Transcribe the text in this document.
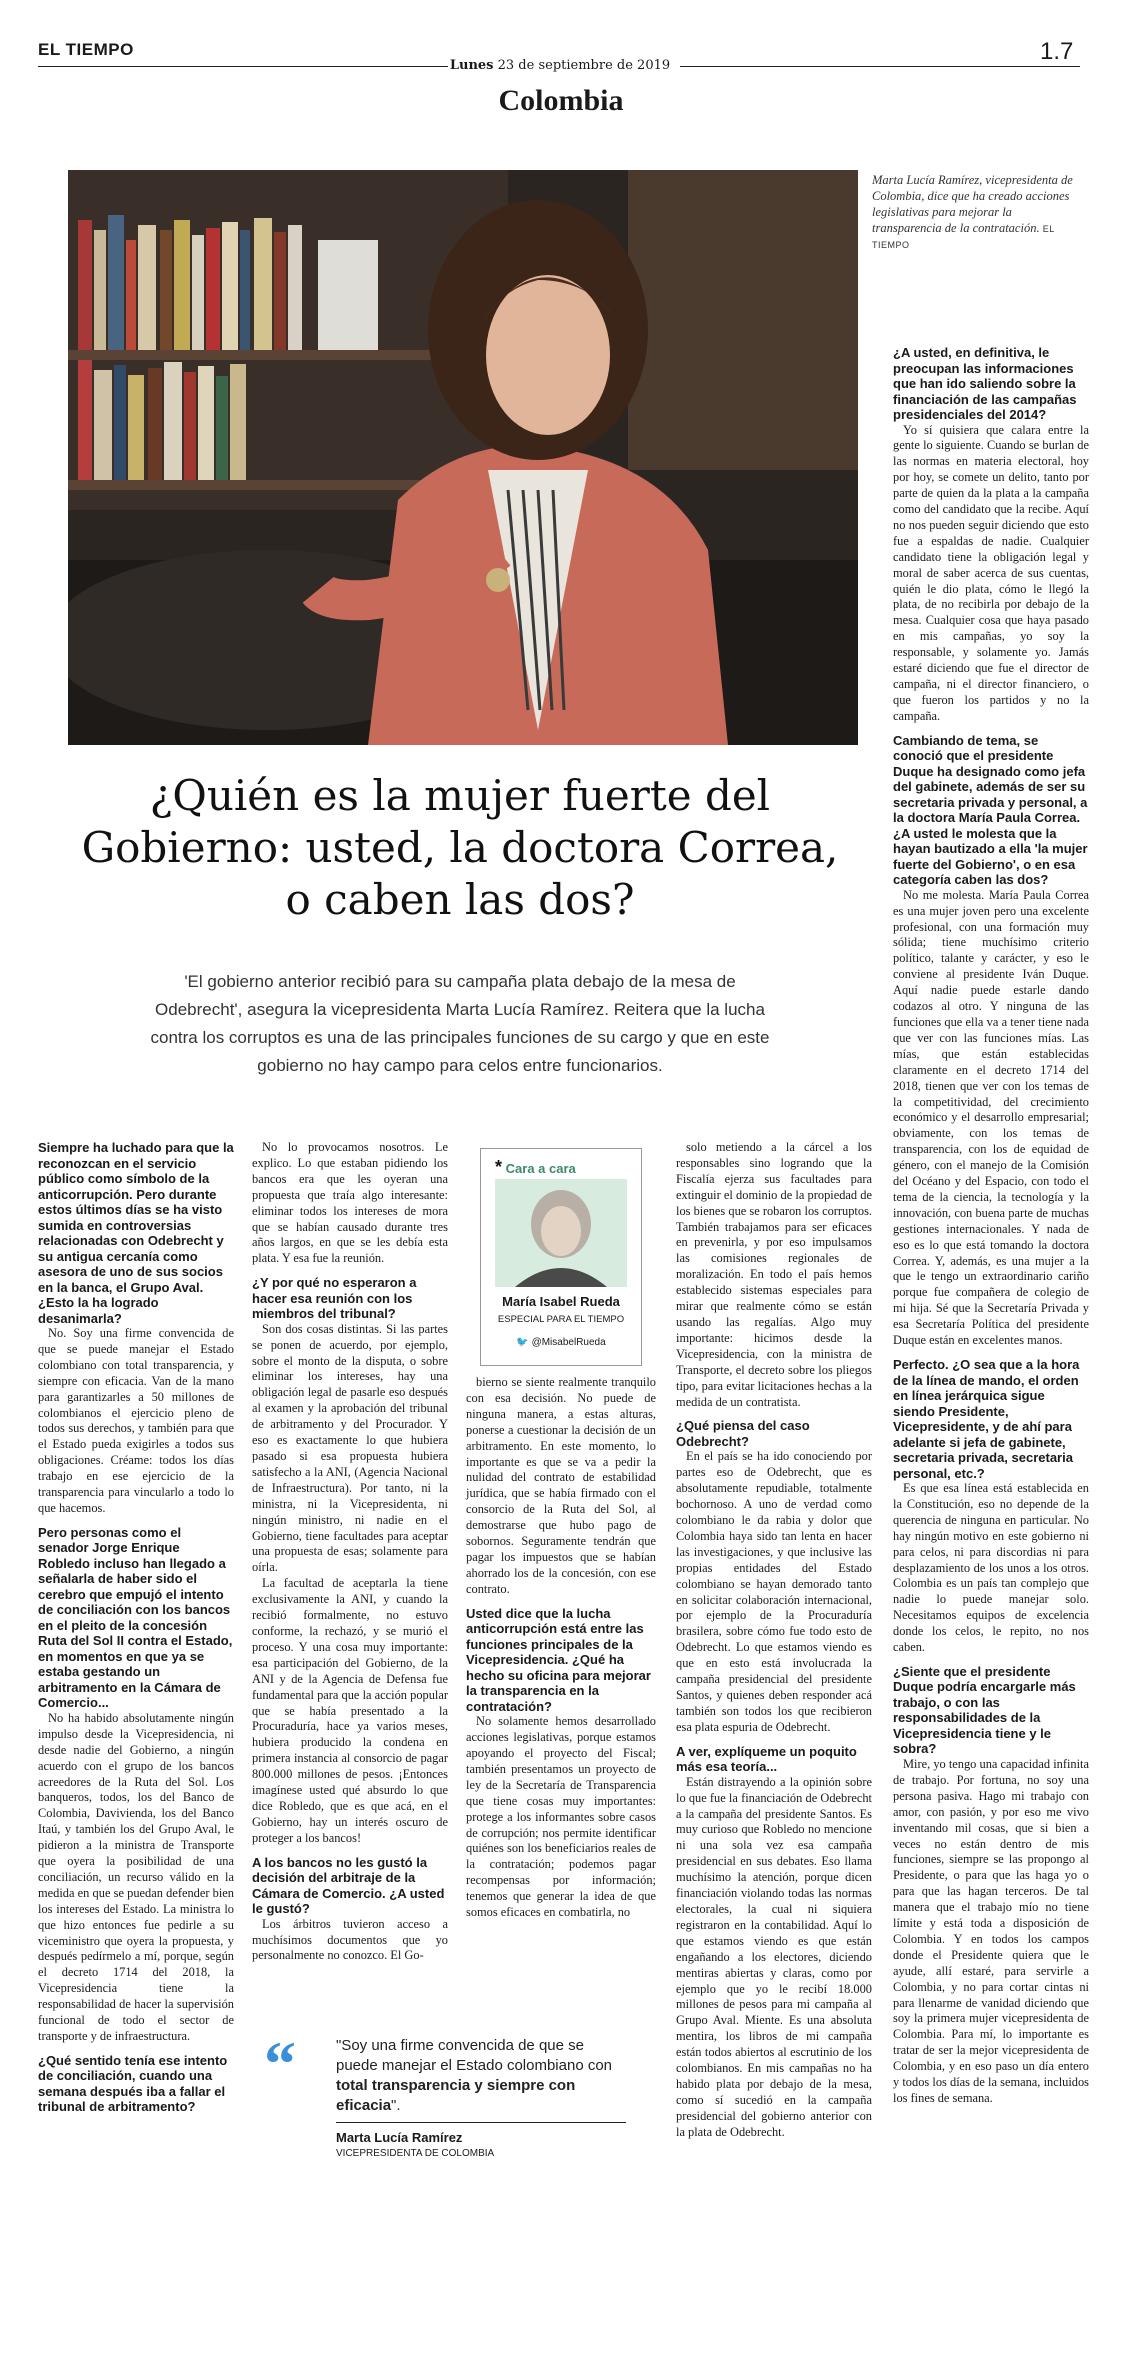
EL TIEMPO
Lunes 23 de septiembre de 2019
1.7
Colombia
Marta Lucía Ramírez, vicepresidenta de Colombia, dice que ha creado acciones legislativas para mejorar la transparencia de la contratación. EL TIEMPO
¿Quién es la mujer fuerte del Gobierno: usted, la doctora Correa, o caben las dos?
'El gobierno anterior recibió para su campaña plata debajo de la mesa de Odebrecht', asegura la vicepresidenta Marta Lucía Ramírez. Reitera que la lucha contra los corruptos es una de las principales funciones de su cargo y que en este gobierno no hay campo para celos entre funcionarios.

Siempre ha luchado para que la reconozcan en el servicio público como símbolo de la anticorrupción. Pero durante estos últimos días se ha visto sumida en controversias relacionadas con Odebrecht y su antigua cercanía como asesora de uno de sus socios en la banca, el Grupo Aval. ¿Esto la ha logrado desanimarla?

No. Soy una firme convencida de que se puede manejar el Estado colombiano con total transparencia, y siempre con eficacia. Van de la mano para garantizarles a 50 millones de colombianos el ejercicio pleno de todos sus derechos, y también para que el Estado pueda exigirles a todos sus obligaciones. Créame: todos los días trabajo en ese ejercicio de la transparencia para vincularlo a todo lo que hacemos.

Pero personas como el senador Jorge Enrique Robledo incluso han llegado a señalarla de haber sido el cerebro que empujó el intento de conciliación con los bancos en el pleito de la concesión Ruta del Sol II contra el Estado, en momentos en que ya se estaba gestando un arbitramento en la Cámara de Comercio...

No ha habido absolutamente ningún impulso desde la Vicepresidencia, ni desde nadie del Gobierno, a ningún acuerdo con el grupo de los bancos acreedores de la Ruta del Sol. Los banqueros, todos, los del Banco de Colombia, Davivienda, los del Banco Itaú, y también los del Grupo Aval, le pidieron a la ministra de Transporte que oyera la posibilidad de una conciliación, un recurso válido en la medida en que se puedan defender bien los intereses del Estado. La ministra lo que hizo entonces fue pedirle a su viceministro que oyera la propuesta, y después pedírmelo a mí, porque, según el decreto 1714 del 2018, la Vicepresidencia tiene la responsabilidad de hacer la supervisión funcional de todo el sector de transporte y de infraestructura.

¿Qué sentido tenía ese intento de conciliación, cuando una semana después iba a fallar el tribunal de arbitramento?

No lo provocamos nosotros. Le explico. Lo que estaban pidiendo los bancos era que les oyeran una propuesta que traía algo interesante: eliminar todos los intereses de mora que se habían causado durante tres años largos, en que se les debía esta plata. Y esa fue la reunión.

¿Y por qué no esperaron a hacer esa reunión con los miembros del tribunal?

Son dos cosas distintas. Si las partes se ponen de acuerdo, por ejemplo, sobre el monto de la disputa, o sobre eliminar los intereses, hay una obligación legal de pasarle eso después al examen y la aprobación del tribunal de arbitramento y del Procurador. Y eso es exactamente lo que hubiera pasado si esa propuesta hubiera satisfecho a la ANI, (Agencia Nacional de Infraestructura). Por tanto, ni la ministra, ni la Vicepresidenta, ni ningún ministro, ni nadie en el Gobierno, tiene facultades para aceptar una propuesta de esas; solamente para oírla.

La facultad de aceptarla la tiene exclusivamente la ANI, y cuando la recibió formalmente, no estuvo conforme, la rechazó, y se murió el proceso. Y una cosa muy importante: esa participación del Gobierno, de la ANI y de la Agencia de Defensa fue fundamental para que la acción popular que se había presentado a la Procuraduría, hace ya varios meses, hubiera producido la condena en primera instancia al consorcio de pagar 800.000 millones de pesos. ¡Entonces imagínese usted qué absurdo lo que dice Robledo, que es que acá, en el Gobierno, hay un interés oscuro de proteger a los bancos!

A los bancos no les gustó la decisión del arbitraje de la Cámara de Comercio. ¿A usted le gustó?

Los árbitros tuvieron acceso a muchísimos documentos que yo personalmente no conozco. El Go-

bierno se siente realmente tranquilo con esa decisión. No puede de ninguna manera, a estas alturas, ponerse a cuestionar la decisión de un arbitramento. En este momento, lo importante es que se va a pedir la nulidad del contrato de estabilidad jurídica, que se había firmado con el consorcio de la Ruta del Sol, al demostrarse que hubo pago de sobornos. Seguramente tendrán que pagar los impuestos que se habían ahorrado los de la concesión, con ese contrato.

Usted dice que la lucha anticorrupción está entre las funciones principales de la Vicepresidencia. ¿Qué ha hecho su oficina para mejorar la transparencia en la contratación?

No solamente hemos desarrollado acciones legislativas, porque estamos apoyando el proyecto del Fiscal; también presentamos un proyecto de ley de la Secretaría de Transparencia que tiene cosas muy importantes: protege a los informantes sobre casos de corrupción; nos permite identificar quiénes son los beneficiarios reales de la contratación; podemos pagar recompensas por información; tenemos que generar la idea de que somos eficaces en combatirla, no

solo metiendo a la cárcel a los responsables sino logrando que la Fiscalía ejerza sus facultades para extinguir el dominio de la propiedad de los bienes que se robaron los corruptos. También trabajamos para ser eficaces en prevenirla, y por eso impulsamos las comisiones regionales de moralización. En todo el país hemos establecido sistemas especiales para mirar que realmente cómo se están usando las regalías. Algo muy importante: hicimos desde la Vicepresidencia, con la ministra de Transporte, el decreto sobre los pliegos tipo, para evitar licitaciones hechas a la medida de un contratista.

¿Qué piensa del caso Odebrecht?

En el país se ha ido conociendo por partes eso de Odebrecht, que es absolutamente repudiable, totalmente bochornoso. A uno de verdad como colombiano le da rabia y dolor que Colombia haya sido tan lenta en hacer las investigaciones, y que inclusive las propias entidades del Estado colombiano se hayan demorado tanto en solicitar colaboración internacional, por ejemplo de la Procuraduría brasilera, sobre cómo fue todo esto de Odebrecht. Lo que estamos viendo es que en esto está involucrada la campaña presidencial del presidente Santos, y quienes deben responder acá también son todos los que recibieron esa plata espuria de Odebrecht.

A ver, explíqueme un poquito más esa teoría...

Están distrayendo a la opinión sobre lo que fue la financiación de Odebrecht a la campaña del presidente Santos. Es muy curioso que Robledo no mencione ni una sola vez esa campaña presidencial en sus debates. Eso llama muchísimo la atención, porque dicen financiación violando todas las normas electorales, la cual ni siquiera registraron en la contabilidad. Aquí lo que estamos viendo es que están engañando a los electores, diciendo mentiras abiertas y claras, como por ejemplo que yo le recibí 18.000 millones de pesos para mi campaña al Grupo Aval. Miente. Es una absoluta mentira, los libros de mi campaña están todos abiertos al escrutinio de los colombianos. En mis campañas no ha habido plata por debajo de la mesa, como sí sucedió en la campaña presidencial del gobierno anterior con la plata de Odebrecht.

¿A usted, en definitiva, le preocupan las informaciones que han ido saliendo sobre la financiación de las campañas presidenciales del 2014?

Yo sí quisiera que calara entre la gente lo siguiente. Cuando se burlan de las normas en materia electoral, hoy por hoy, se comete un delito, tanto por parte de quien da la plata a la campaña como del candidato que la recibe. Aquí no nos pueden seguir diciendo que esto fue a espaldas de nadie. Cualquier candidato tiene la obligación legal y moral de saber acerca de sus cuentas, quién le dio plata, cómo le llegó la plata, de no recibirla por debajo de la mesa. Cualquier cosa que haya pasado en mis campañas, yo soy la responsable, y solamente yo. Jamás estaré diciendo que fue el director de campaña, ni el director financiero, o que fueron los partidos y no la campaña.

Cambiando de tema, se conoció que el presidente Duque ha designado como jefa del gabinete, además de ser su secretaria privada y personal, a la doctora María Paula Correa. ¿A usted le molesta que la hayan bautizado a ella 'la mujer fuerte del Gobierno', o en esa categoría caben las dos?

No me molesta. María Paula Correa es una mujer joven pero una excelente profesional, con una formación muy sólida; tiene muchísimo criterio político, talante y carácter, y eso le conviene al presidente Iván Duque. Aquí nadie puede estarle dando codazos al otro. Y ninguna de las funciones que ella va a tener tiene nada que ver con las funciones mías. Las mías, que están establecidas claramente en el decreto 1714 del 2018, tienen que ver con los temas de la competitividad, del crecimiento económico y el desarrollo empresarial; obviamente, con los temas de transparencia, con los de equidad de género, con el manejo de la Comisión del Océano y del Espacio, con todo el tema de la ciencia, la tecnología y la innovación, con buena parte de muchas gestiones internacionales. Y nada de eso es lo que está tomando la doctora Correa. Y, además, es una mujer a la que le tengo un extraordinario cariño porque fue compañera de colegio de mi hija. Sé que la Secretaría Privada y esa Secretaría Política del presidente Duque están en excelentes manos.

Perfecto. ¿O sea que a la hora de la línea de mando, el orden en línea jerárquica sigue siendo Presidente, Vicepresidente, y de ahí para adelante si jefa de gabinete, secretaria privada, secretaria personal, etc.?

Es que esa línea está establecida en la Constitución, eso no depende de la querencia de ninguna en particular. No hay ningún motivo en este gobierno ni para celos, ni para discordias ni para desplazamiento de los unos a los otros. Colombia es un país tan complejo que nadie lo puede manejar solo. Necesitamos equipos de excelencia donde los celos, le repito, no nos caben.

¿Siente que el presidente Duque podría encargarle más trabajo, o con las responsabilidades de la Vicepresidencia tiene y le sobra?

Mire, yo tengo una capacidad infinita de trabajo. Por fortuna, no soy una persona pasiva. Hago mi trabajo con amor, con pasión, y por eso me vivo inventando mil cosas, que si bien a veces no están dentro de mis funciones, siempre se las propongo al Presidente, o para que las haga yo o para que las hagan terceros. De tal manera que el trabajo mío no tiene límite y está toda a disposición de Colombia. Y en todos los campos donde el Presidente quiera que le ayude, allí estaré, para servirle a Colombia, y no para cortar cintas ni para llenarme de vanidad diciendo que soy la primera mujer vicepresidenta de Colombia. Para mí, lo importante es tratar de ser la mejor vicepresidenta de Colombia, y en eso paso un día entero y todos los días de la semana, incluidos los fines de semana.

* Cara a cara
María Isabel Rueda
ESPECIAL PARA EL TIEMPO
🐦 @MisabelRueda
“	"Soy una firme convencida de que se puede manejar el Estado colombiano con total transparencia y siempre con eficacia".
Marta Lucía Ramírez
VICEPRESIDENTA DE COLOMBIA
